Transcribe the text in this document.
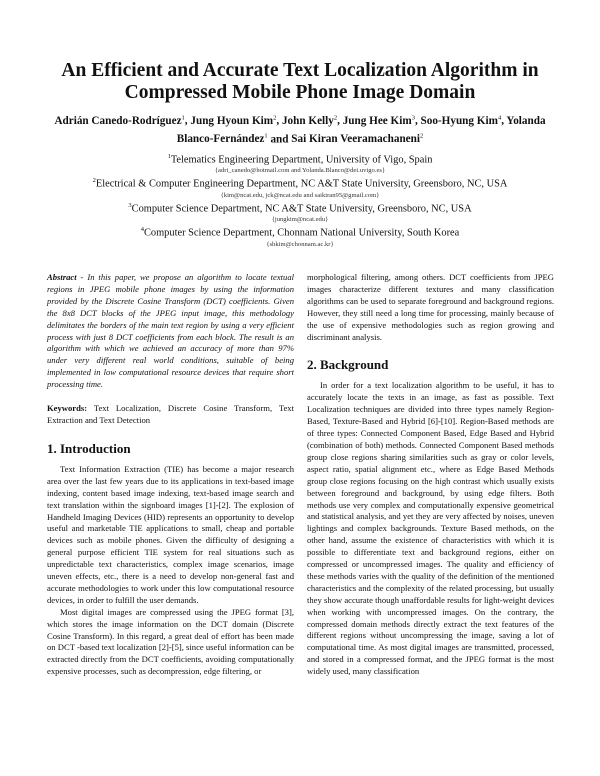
An Efficient and Accurate Text Localization Algorithm in Compressed Mobile Phone Image Domain

Adrián Canedo-Rodríguez$^1$, Jung Hyoun Kim$^2$, John Kelly$^2$, Jung Hee Kim$^3$, Soo-Hyung Kim$^4$, Yolanda Blanco-Fernández$^1$ and Sai Kiran Veeramachaneni$^2$

$^1$Telematics Engineering Department, University of Vigo, Spain
{adri_canedo@hotmail.com and Yolanda.Blanco@det.uvigo.es}
$^2$Electrical & Computer Engineering Department, NC A&T State University, Greensboro, NC, USA
{kim@ncat.edu, jck@ncat.edu and saikiran95@gmail.com}
$^3$Computer Science Department, NC A&T State University, Greensboro, NC, USA
{jungkim@ncat.edu}
$^4$Computer Science Department, Chonnam National University, South Korea
{shkim@chonnam.ac.kr}

Abstract - In this paper, we propose an algorithm to locate textual regions in JPEG mobile phone images by using the information provided by the Discrete Cosine Transform (DCT) coefficients. Given the 8x8 DCT blocks of the JPEG input image, this methodology delimitates the borders of the main text region by using a very efficient process with just 8 DCT coefficients from each block. The result is an algorithm with which we achieved an accuracy of more than 97% under very different real world conditions, suitable of being implemented in low computational resource devices that require short processing time.

Keywords: Text Localization, Discrete Cosine Transform, Text Extraction and Text Detection

1. Introduction

Text Information Extraction (TIE) has become a major research area over the last few years due to its applications in text-based image indexing, content based image indexing, text-based image search and text translation within the signboard images [1]-[2]. The explosion of Handheld Imaging Devices (HID) represents an opportunity to develop useful and marketable TIE applications to small, cheap and portable devices such as mobile phones. Given the difficulty of designing a general purpose efficient TIE system for real situations such as unpredictable text characteristics, complex image scenarios, image uneven effects, etc., there is a need to develop non-general fast and accurate methodologies to work under this low computational resource devices, in order to fulfill the user demands.

Most digital images are compressed using the JPEG format [3], which stores the image information on the DCT domain (Discrete Cosine Transform). In this regard, a great deal of effort has been made on DCT -based text localization [2]-[5], since useful information can be extracted directly from the DCT coefficients, avoiding computationally expensive processes, such as decompression, edge filtering, or

morphological filtering, among others. DCT coefficients from JPEG images characterize different textures and many classification algorithms can be used to separate foreground and background regions. However, they still need a long time for processing, mainly because of the use of expensive methodologies such as region growing and discriminant analysis.

2. Background

In order for a text localization algorithm to be useful, it has to accurately locate the texts in an image, as fast as possible. Text Localization techniques are divided into three types namely Region-Based, Texture-Based and Hybrid [6]-[10]. Region-Based methods are of three types: Connected Component Based, Edge Based and Hybrid (combination of both) methods. Connected Component Based methods group close regions sharing similarities such as gray or color levels, aspect ratio, spatial alignment etc., where as Edge Based Methods group close regions focusing on the high contrast which usually exists between foreground and background, by using edge filters. Both methods use very complex and computationally expensive geometrical and statistical analysis, and yet they are very affected by noises, uneven lightings and complex backgrounds. Texture Based methods, on the other hand, assume the existence of characteristics with which it is possible to differentiate text and background regions, either on compressed or uncompressed images. The quality and efficiency of these methods varies with the quality of the definition of the mentioned characteristics and the complexity of the related processing, but usually they show accurate though unaffordable results for light-weight devices when working with uncompressed images. On the contrary, the compressed domain methods directly extract the text features of the different regions without uncompressing the image, saving a lot of computational time. As most digital images are transmitted, processed, and stored in a compressed format, and the JPEG format is the most widely used, many classification
